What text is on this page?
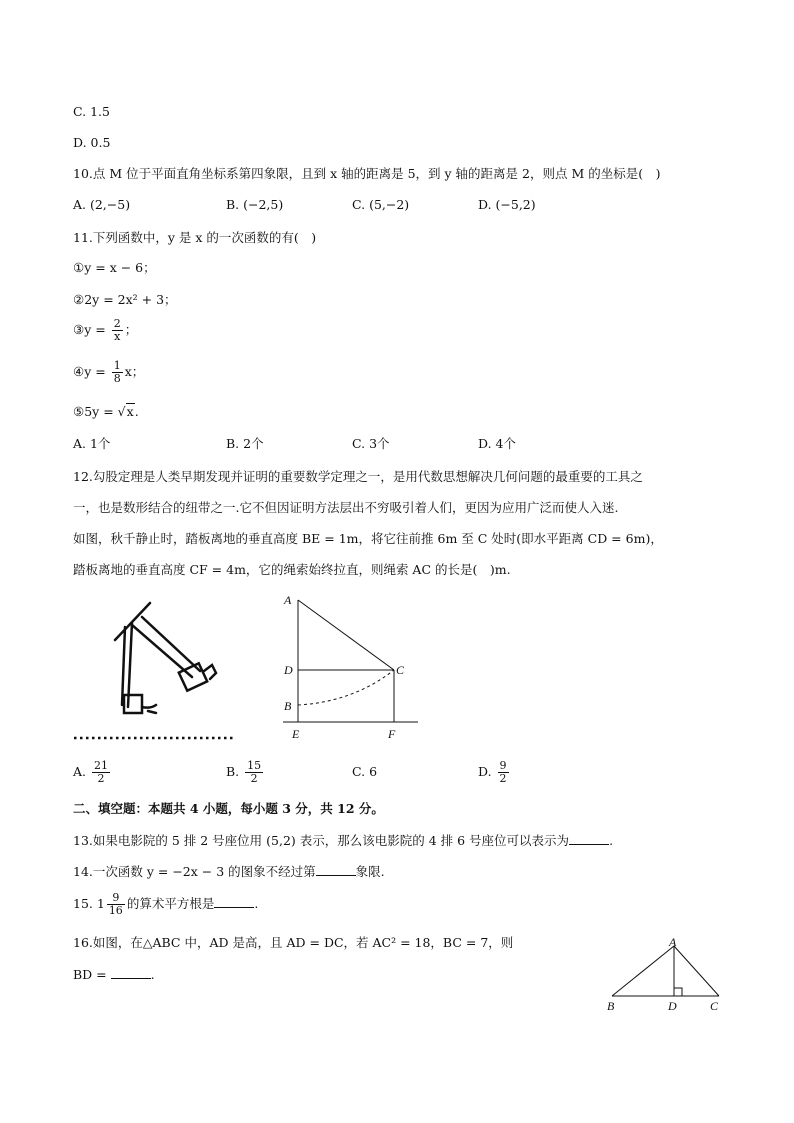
C. 1.5
D. 0.5
10.点 M 位于平面直角坐标系第四象限，且到 x 轴的距离是 5，到 y 轴的距离是 2，则点 M 的坐标是(　)
A. (2,−5)	B. (−2,5)	C. (5,−2)	D. (−5,2)
11.下列函数中，y 是 x 的一次函数的有(　)
①y = x − 6；
②2y = 2x² + 3；
③y = $\frac{2}{x}$ ；
④y = $\frac{1}{8}$ x；
⑤5y = √x.
A. 1个	B. 2个	C. 3个	D. 4个
12.勾股定理是人类早期发现并证明的重要数学定理之一，是用代数思想解决几何问题的最重要的工具之
一，也是数形结合的纽带之一.它不但因证明方法层出不穷吸引着人们，更因为应用广泛而使人入迷.
如图，秋千静止时，踏板离地的垂直高度 BE = 1m，将它往前推 6m 至 C 处时(即水平距离 CD = 6m)，
踏板离地的垂直高度 CF = 4m，它的绳索始终拉直，则绳索 AC 的长是(　)m.
A
D
B
E	F
C
A. $\frac{21}{2}$	B. $\frac{15}{2}$	C. 6	D. $\frac{9}{2}$
二、填空题：本题共 4 小题，每小题 3 分，共 12 分。
13.如果电影院的 5 排 2 号座位用 (5,2) 表示，那么该电影院的 4 排 6 号座位可以表示为	.
14.一次函数 y = −2x − 3 的图象不经过第	象限.
15. $1 \frac{9}{16}$ 的算术平方根是	.
16.如图，在△ABC 中，AD 是高，且 AD = DC，若 AC² = 18，BC = 7，则
BD =	.
A
B	D	C
